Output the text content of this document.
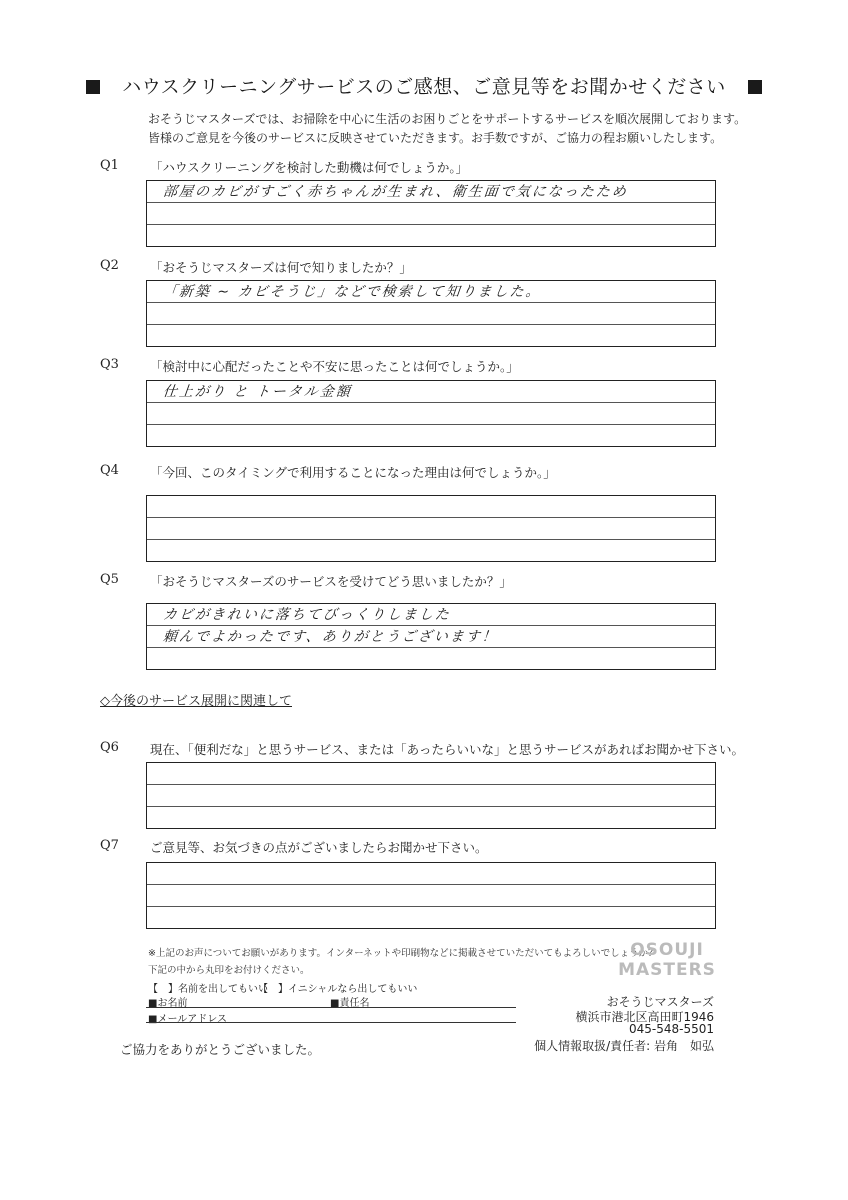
ハウスクリーニングサービスのご感想、ご意見等をお聞かせください
おそうじマスターズでは、お掃除を中心に生活のお困りごとをサポートするサービスを順次展開しております。
皆様のご意見を今後のサービスに反映させていただきます。お手数ですが、ご協力の程お願いしたします。
Q1 「ハウスクリーニングを検討した動機は何でしょうか。」
部屋のカビがすごく赤ちゃんが生まれ、衛生面で気になったため
Q2 「おそうじマスターズは何で知りましたか？」
「新築 ~ カビそうじ」などで検索して知りました。
Q3 「検討中に心配だったことや不安に思ったことは何でしょうか。」
仕上がり と トータル金額
Q4 「今回、このタイミングで利用することになった理由は何でしょうか。」
Q5 「おそうじマスターズのサービスを受けてどう思いましたか？」
カビがきれいに落ちてびっくりしました
頼んでよかったです、ありがとうございます！
◇今後のサービス展開に関連して
Q6 現在、「便利だな」と思うサービス、または「あったらいいな」と思うサービスがあればお聞かせ下さい。
Q7 ご意見等、お気づきの点がございましたらお聞かせ下さい。
※上記のお声についてお願いがあります。インターネットや印刷物などに掲載させていただいてもよろしいでしょうか？
下記の中から丸印をお付けください。
【　】名前を出してもいい
【　】イニシャルなら出してもいい
■お名前	■責任名
■メールアドレス
OSOUJI
MASTERS
おそうじマスターズ
横浜市港北区高田町1946
045-548-5501
個人情報取扱/責任者: 岩角　如弘
ご協力をありがとうございました。
